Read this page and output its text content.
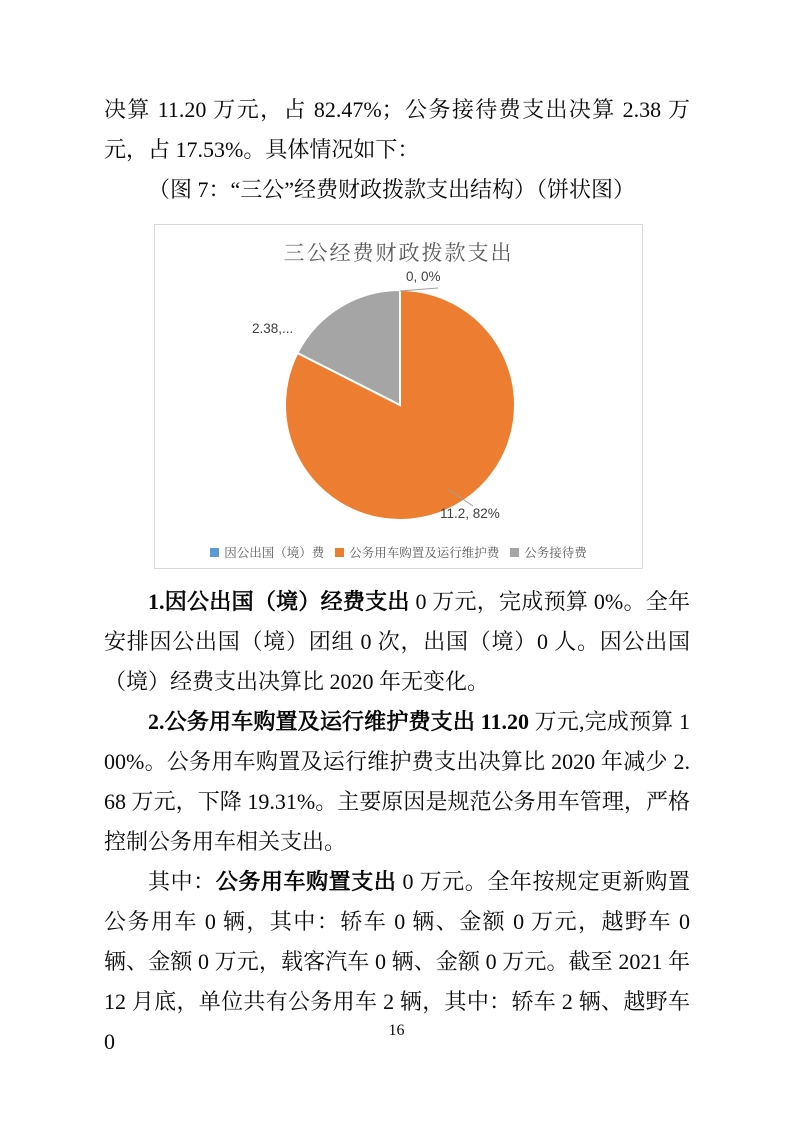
决算 11.20 万元，占 82.47%；公务接待费支出决算 2.38 万元，占 17.53%。具体情况如下：

（图 7：“三公”经费财政拨款支出结构）（饼状图）

三公经费财政拨款支出
0, 0%
11.2, 82%
2.38,...
因公出国（境）费 公务用车购置及运行维护费 公务接待费

1.因公出国（境）经费支出 0 万元，完成预算 0%。全年安排因公出国（境）团组 0 次，出国（境）0 人。因公出国（境）经费支出决算比 2020 年无变化。

2.公务用车购置及运行维护费支出 11.20 万元,完成预算 100%。公务用车购置及运行维护费支出决算比 2020 年减少 2.68 万元，下降 19.31%。主要原因是规范公务用车管理，严格控制公务用车相关支出。

其中：公务用车购置支出 0 万元。全年按规定更新购置公务用车 0 辆，其中：轿车 0 辆、金额 0 万元，越野车 0 辆、金额 0 万元，载客汽车 0 辆、金额 0 万元。截至 2021 年 12 月底，单位共有公务用车 2 辆，其中：轿车 2 辆、越野车 0	16
